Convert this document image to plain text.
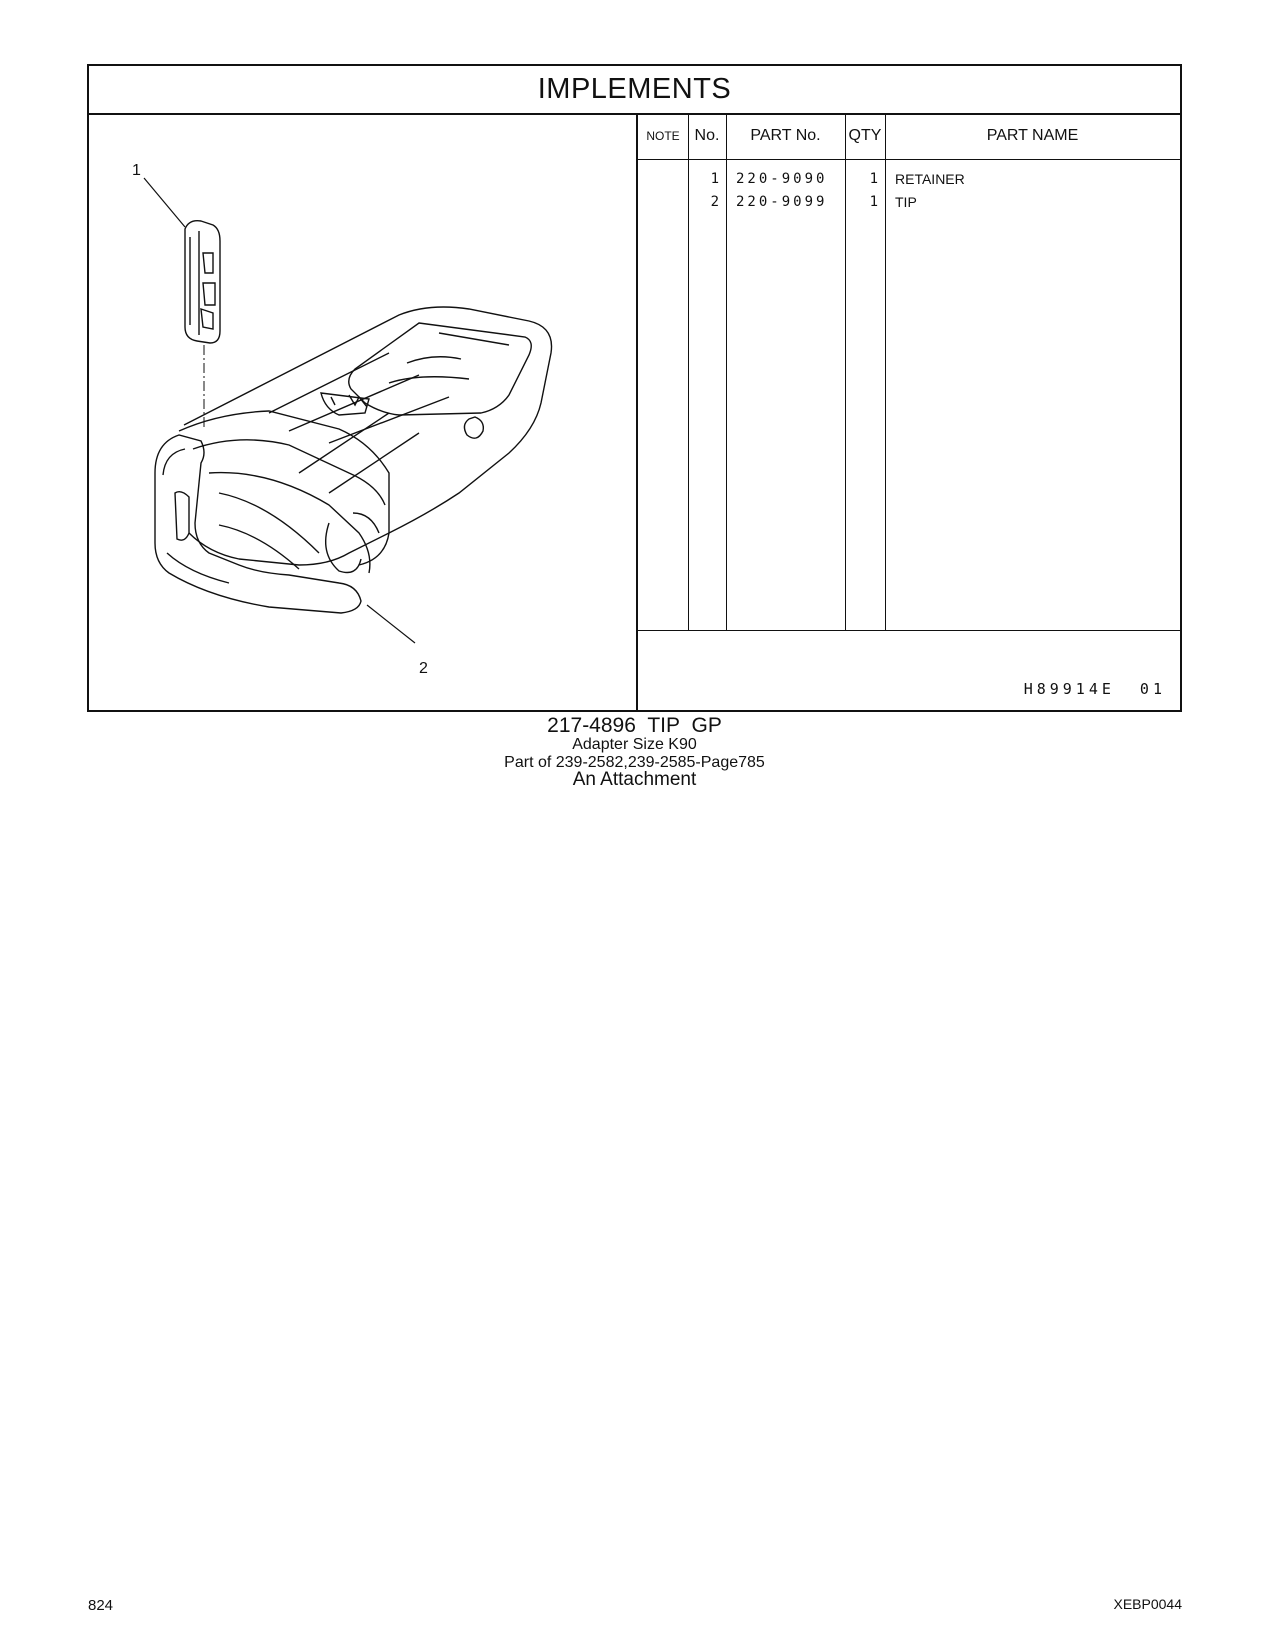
IMPLEMENTS
1
2
NOTE No.	PART No.	QTY	PART NAME
1 220-9090	1 RETAINER
2 220-9099	1 TIP
H89914E 01
217-4896 TIP GP
Adapter Size K90
Part of 239-2582,239-2585-Page785
An Attachment
824	XEBP0044
